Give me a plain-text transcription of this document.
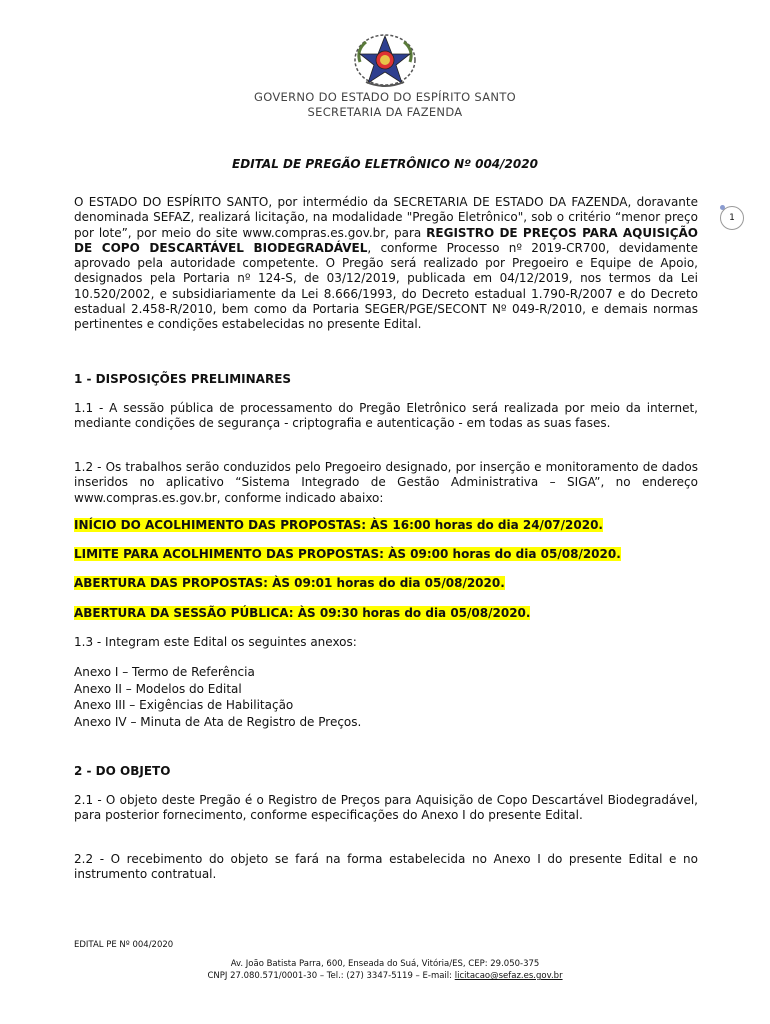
GOVERNO DO ESTADO DO ESPÍRITO SANTO
SECRETARIA DA FAZENDA
EDITAL DE PREGÃO ELETRÔNICO Nº 004/2020
O ESTADO DO ESPÍRITO SANTO, por intermédio da SECRETARIA DE ESTADO DA FAZENDA, doravante denominada SEFAZ, realizará licitação, na modalidade "Pregão Eletrônico", sob o critério “menor preço por lote”, por meio do site www.compras.es.gov.br, para REGISTRO DE PREÇOS PARA AQUISIÇÃO DE COPO DESCARTÁVEL BIODEGRADÁVEL, conforme Processo nº 2019-CR700, devidamente aprovado pela autoridade competente. O Pregão será realizado por Pregoeiro e Equipe de Apoio, designados pela Portaria nº 124-S, de 03/12/2019, publicada em 04/12/2019, nos termos da Lei 10.520/2002, e subsidiariamente da Lei 8.666/1993, do Decreto estadual 1.790-R/2007 e do Decreto estadual 2.458-R/2010, bem como da Portaria SEGER/PGE/SECONT Nº 049-R/2010, e demais normas pertinentes e condições estabelecidas no presente Edital.
1
1 - DISPOSIÇÕES PRELIMINARES
1.1 - A sessão pública de processamento do Pregão Eletrônico será realizada por meio da internet, mediante condições de segurança - criptografia e autenticação - em todas as suas fases.
1.2 - Os trabalhos serão conduzidos pelo Pregoeiro designado, por inserção e monitoramento de dados inseridos no aplicativo “Sistema Integrado de Gestão Administrativa – SIGA”, no endereço www.compras.es.gov.br, conforme indicado abaixo:
INÍCIO DO ACOLHIMENTO DAS PROPOSTAS: ÀS 16:00 horas do dia 24/07/2020.
LIMITE PARA ACOLHIMENTO DAS PROPOSTAS: ÀS 09:00 horas do dia 05/08/2020.
ABERTURA DAS PROPOSTAS: ÀS 09:01 horas do dia 05/08/2020.
ABERTURA DA SESSÃO PÚBLICA: ÀS 09:30 horas do dia 05/08/2020.
1.3 - Integram este Edital os seguintes anexos:
Anexo I – Termo de Referência
Anexo II – Modelos do Edital
Anexo III – Exigências de Habilitação
Anexo IV – Minuta de Ata de Registro de Preços.
2 - DO OBJETO
2.1 - O objeto deste Pregão é o Registro de Preços para Aquisição de Copo Descartável Biodegradável, para posterior fornecimento, conforme especificações do Anexo I do presente Edital.
2.2 - O recebimento do objeto se fará na forma estabelecida no Anexo I do presente Edital e no instrumento contratual.
EDITAL PE Nº 004/2020
Av. João Batista Parra, 600, Enseada do Suá, Vitória/ES, CEP: 29.050-375
CNPJ 27.080.571/0001-30 – Tel.: (27) 3347-5119 – E-mail: licitacao@sefaz.es.gov.br
